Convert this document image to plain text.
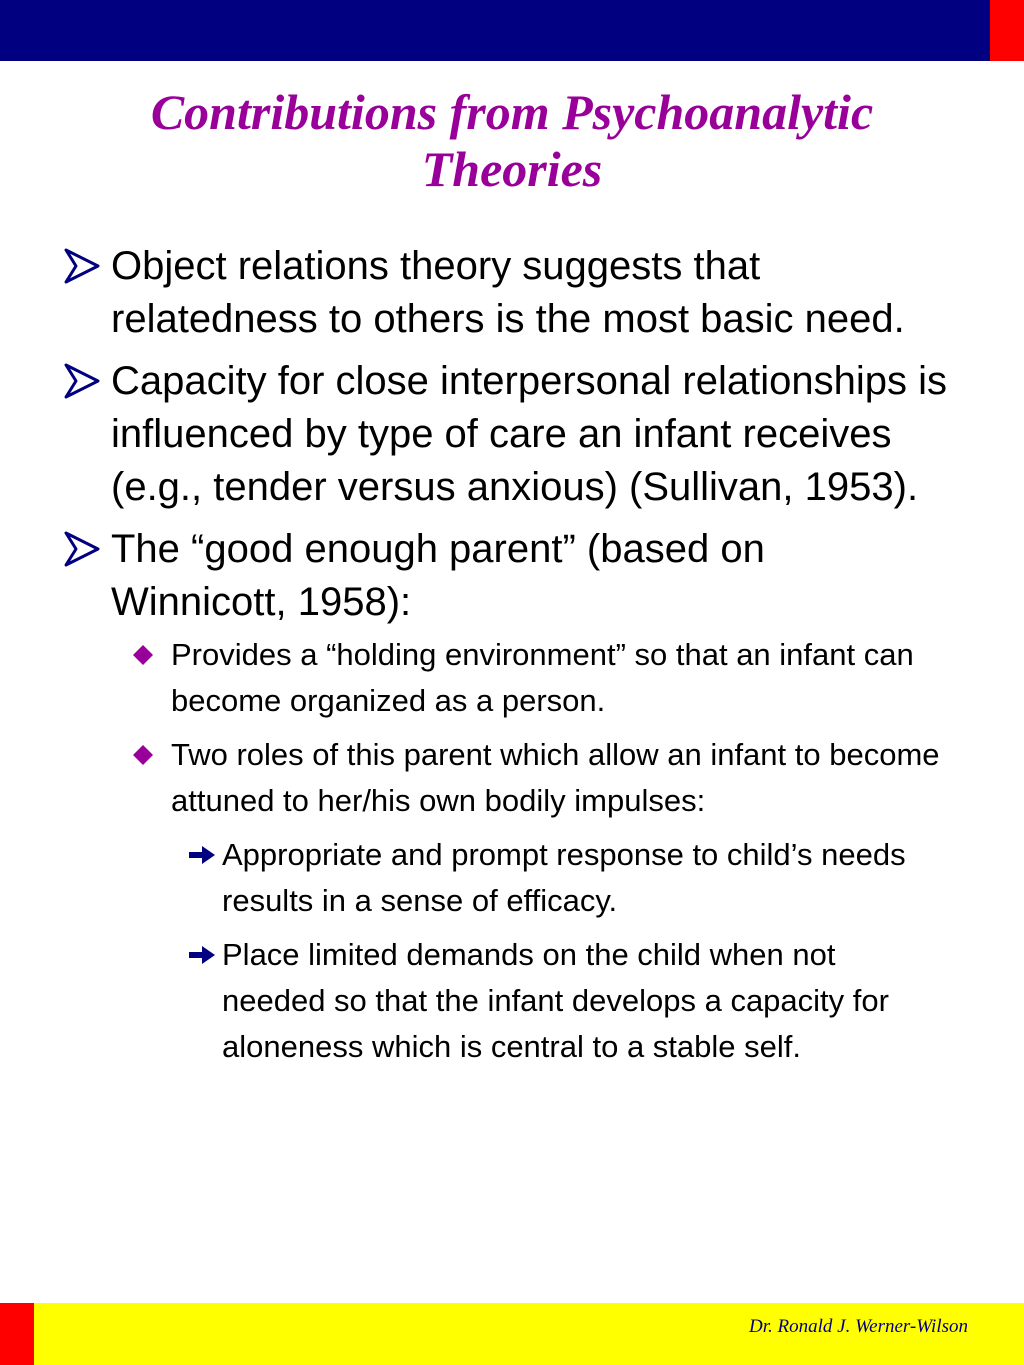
Contributions from Psychoanalytic
Theories
Object relations theory suggests that relatedness to others is the most basic need.
Capacity for close interpersonal relationships is influenced by type of care an infant receives (e.g., tender versus anxious) (Sullivan, 1953).
The “good enough parent” (based on Winnicott, 1958):
Provides a “holding environment” so that an infant can become organized as a person.
Two roles of this parent which allow an infant to become attuned to her/his own bodily impulses:
Appropriate and prompt response to child’s needs results in a sense of efficacy.
Place limited demands on the child when not needed so that the infant develops a capacity for aloneness which is central to a stable self.
Dr. Ronald J. Werner-Wilson
